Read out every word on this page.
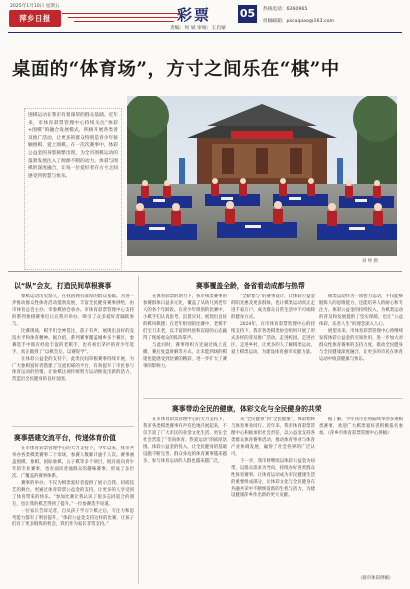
2025年1月10日 星期五
萍乡日报	彩票
责编：何 斌 审核：王启蒙
05	热线电话：6260965
投稿邮箱：pxcaipiao@163.com
桌面的“体育场”，方寸之间乐在“棋”中
围棋运动在我市有着深厚的群众基础。近年来，市体育彩票管理中心持续关注“体彩+围棋”的融合发展模式，积极开展各类普及推广活动，让更多的群众特别是青少年接触围棋、爱上围棋。在一次次赛事中，体彩公益金的身影频繁出现，为全市围棋运动的蓬勃发展注入了源源不断的动力。体彩与围棋的深度融合，让每一位爱好者在方寸之间感受到智慧与快乐。
刘 婷 摄
以“纵”会友，打造民间草根赛事

象棋运动历史悠久，在我国拥有深厚的群众基础。为进一步推动群众性体育活动蓬勃发展，丰富全民健身赛事供给，由市体育总会主办、市象棋协会承办、市体育彩票管理中心支持的系列象棋赛事近日在我市举办，吸引了众多爱好者踊跃参与。

比赛现场，棋手们全神贯注，落子有声，展现出良好的竞技水平和体育精神。据介绍，系列赛事覆盖城乡多个赛区，参赛选手中既有经验丰富的老棋手，也有初出茅庐的青少年选手，真正做到了“以棋会友、以赛促学”。

在体彩公益金的支持下，此类民间草根赛事持续开展，为广大象棋爱好者搭建了交流切磋的平台，有效提升了市民参与体育运动的热情，让象棋这项传统智力运动焕发出新的活力，营造出全民健身的良好氛围。

赛事搭建交流平台，传递体育价值

在市体育彩票管理中心的大力支持下，今年以来，我市共举办各类棋类赛事二十余场，参赛人数累计逾千人次。赛事涵盖围棋、象棋、国际象棋、五子棋等多个项目，既有面向青少年的专业赛事，也有面向普通群众的趣味赛事，形成了多层次、广覆盖的赛事体系。

赛事的举办，不仅为棋类爱好者提供了展示自我、切磋技艺的舞台，更通过体育彩票公益金的支持，让更多的人享受到了体育带来的快乐。“参加比赛让我认识了很多志同道合的朋友，也让我的棋艺得到了提升。”一位参赛选手说道。

一位家长告诉记者，自从孩子学习下棋之后，专注力和思考能力都有了明显提升，“体彩公益金支持这样的比赛，让孩子们有了更多锻炼的机会，我们作为家长非常支持。”

赛事覆盖全龄，备省看动成都与热帮

在体育彩票的助力下，我市棋类赛事的参赛群体日益多元化，覆盖了从幼儿到老年人的各个年龄段。在青少年组别的比赛中，小棋手们认真思考、沉着应对，展现出良好的棋风棋德；在老年组别的比赛中，老棋手们宝刀未老，以丰富的经验和沉稳的心态赢得了现场观众的阵阵掌声。

与此同时，赛事组织方还通过线上直播、赛后复盘讲解等方式，让未能到场的棋迷也能感受到比赛的精彩，进一步扩大了赛事的影响力。

“全龄参与”的赛事设计，让体彩公益金的阳光惠及更多群体，也让棋类运动真正走进千家万户，成为群众日常生活中不可或缺的健身方式。

2024年，在市体育彩票管理中心的持续支持下，我市各类棋类协会组织开展了形式多样的普及推广活动，走进校园、走进社区、走进乡村，让更多的人了解棋类运动、爱上棋类运动，为建设体育强市贡献力量。

棋类运动作为一项智力运动，不仅能够锻炼人的思维能力，还能培养人的耐心和专注力。体彩公益金的持续投入，为棋类运动的普及和发展提供了坚实保障，也让“公益体彩、乐善人生”的理念深入人心。

展望未来，市体育彩票管理中心将继续发挥体彩公益金的引领作用，进一步加大对群众性体育赛事的支持力度，推动全民健身与全民健康深度融合，让更多的市民在体育运动中收获健康与快乐。

赛事带动全民的健康，体彩文化与全民健身的共荣

在市体育彩票管理中心的大力支持下，我市各类棋类赛事有声有色地开展起来，不仅丰富了广大市民的业余文化生活，更在全社会营造了“崇尚体育、热爱运动”的浓厚氛围。体彩公益金的投入，让全民健身的基础设施不断完善，群众身边的体育赛事越来越多，参与体育运动的人群也越来越广泛。

从“全民健身”到“全民健康”，体彩始终与体育事业同行。近年来，我市体育彩票管理中心积极承担社会责任，以公益金支持各类群众体育赛事活动，推动体育事业与体育产业协调发展，赢得了社会各界的广泛认可。

下一步，我市将继续以体彩公益金为纽带，以群众需求为导向，持续办好各类群众性体育赛事，让体育运动成为市民健康生活的重要组成部分，让体彩文化与全民健身在共融共荣中不断焕发新的生机与活力，为建设健康萍乡作出新的更大贡献。

据了解，今年我市还将陆续举办多项棋类赛事，欢迎广大棋类爱好者积极报名参加。（萍乡市体育彩票管理中心供稿）

（接市体彩供稿）
